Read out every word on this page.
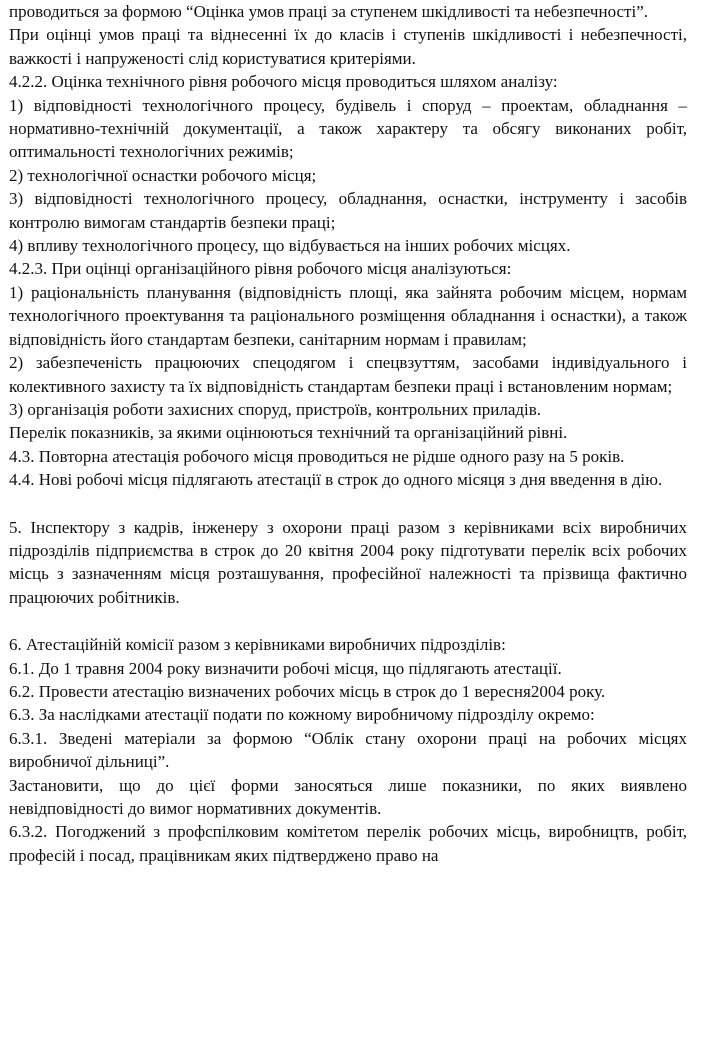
проводиться за формою “Оцінка умов праці за ступенем шкідливості та небезпечності”.

При оцінці умов праці та віднесенні їх до класів і ступенів шкідливості і небезпечності, важкості і напруженості слід користуватися критеріями.

4.2.2. Оцінка технічного рівня робочого місця проводиться шляхом аналізу:

1) відповідності технологічного процесу, будівель і споруд – проектам, обладнання – нормативно-технічній документації, а також характеру та обсягу виконаних робіт, оптимальності технологічних режимів;

2) технологічної оснастки робочого місця;

3) відповідності технологічного процесу, обладнання, оснастки, інструменту і засобів контролю вимогам стандартів безпеки праці;

4) впливу технологічного процесу, що відбувається на інших робочих місцях.

4.2.3. При оцінці організаційного рівня робочого місця аналізуються:

1) раціональність планування (відповідність площі, яка зайнята робочим місцем, нормам технологічного проектування та раціонального розміщення обладнання і оснастки), а також відповідність його стандартам безпеки, санітарним нормам і правилам;

2) забезпеченість працюючих спецодягом і спецвзуттям, засобами індивідуального і колективного захисту та їх відповідність стандартам безпеки праці і встановленим нормам;

3) організація роботи захисних споруд, пристроїв, контрольних приладів.

Перелік показників, за якими оцінюються технічний та організаційний рівні.

4.3. Повторна атестація робочого місця проводиться не рідше одного разу на 5 років.

4.4. Нові робочі місця підлягають атестації в строк до одного місяця з дня введення в дію.

5. Інспектору з кадрів, інженеру з охорони праці разом з керівниками всіх виробничих підрозділів підприємства в строк до 20 квітня 2004 року підготувати перелік всіх робочих місць з зазначенням місця розташування, професійної належності та прізвища фактично працюючих робітників.

6. Атестаційній комісії разом з керівниками виробничих підрозділів:

6.1. До 1 травня 2004 року визначити робочі місця, що підлягають атестації.

6.2. Провести атестацію визначених робочих місць в строк до 1 вересня2004 року.

6.3. За наслідками атестації подати по кожному виробничому підрозділу окремо:

6.3.1. Зведені матеріали за формою “Облік стану охорони праці на робочих місцях виробничої дільниці”.

Застановити, що до цієї форми заносяться лише показники, по яких виявлено невідповідності до вимог нормативних документів.

6.3.2. Погоджений з профспілковим комітетом перелік робочих місць, виробництв, робіт, професій і посад, працівникам яких підтверджено право на
